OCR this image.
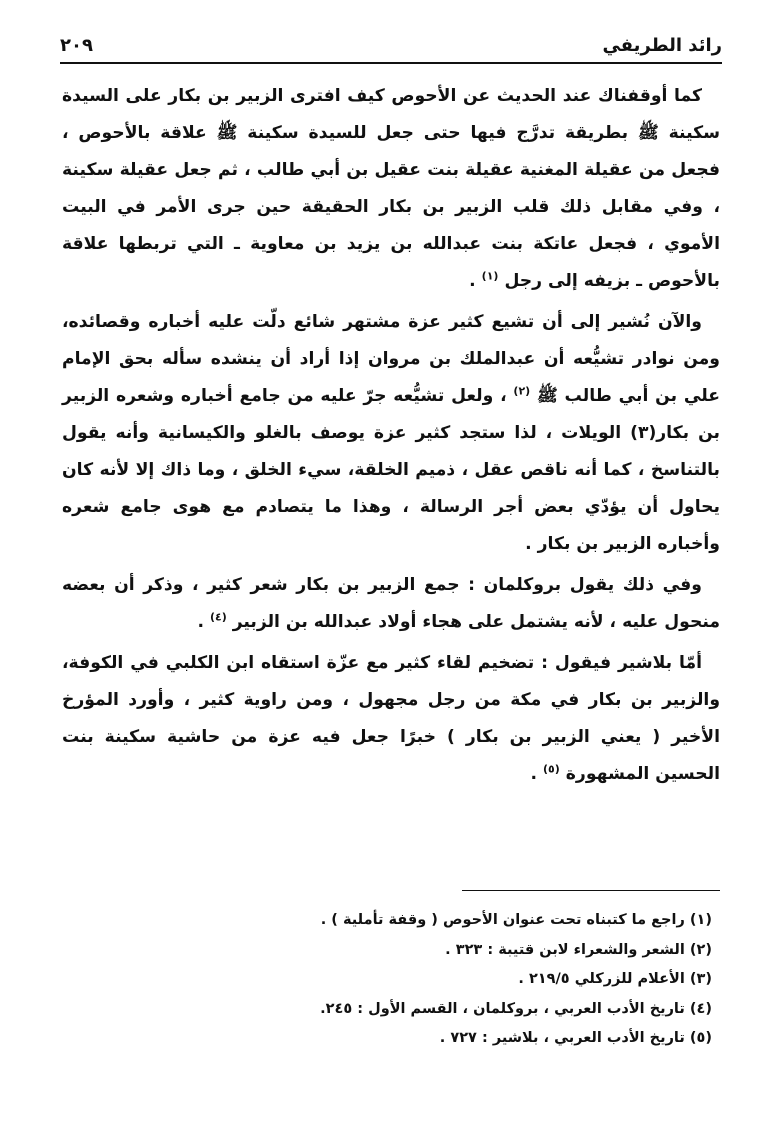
رائد الطريفي
٢٠٩

كما أوقفناك عند الحديث عن الأحوص كيف افترى الزبير بن بكار على السيدة سكينة ﷺ بطريقة تدرَّج فيها حتى جعل للسيدة سكينة ﷺ علاقة بالأحوص ، فجعل من عقيلة المغنية عقيلة بنت عقيل بن أبي طالب ، ثم جعل عقيلة سكينة ، وفي مقابل ذلك قلب الزبير بن بكار الحقيقة حين جرى الأمر في البيت الأموي ، فجعل عاتكة بنت عبدالله بن يزيد بن معاوية ـ التي تربطها علاقة بالأحوص ـ بزيفه إلى رجل $^{(١)}$ .

والآن نُشير إلى أن تشيع كثير عزة مشتهر شائع دلّت عليه أخباره وقصائده، ومن نوادر تشيُّعه أن عبدالملك بن مروان إذا أراد أن ينشده سأله بحق الإمام علي بن أبي طالب ﷺ $^{(٢)}$ ، ولعل تشيُّعه جرّ عليه من جامع أخباره وشعره الزبير بن بكار(٣) الويلات ، لذا ستجد كثير عزة يوصف بالغلو والكيسانية وأنه يقول بالتناسخ ، كما أنه ناقص عقل ، ذميم الخلقة، سيء الخلق ، وما ذاك إلا لأنه كان يحاول أن يؤدّي بعض أجر الرسالة ، وهذا ما يتصادم مع هوى جامع شعره وأخباره الزبير بن بكار .

وفي ذلك يقول بروكلمان : جمع الزبير بن بكار شعر كثير ، وذكر أن بعضه منحول عليه ، لأنه يشتمل على هجاء أولاد عبدالله بن الزبير $^{(٤)}$ .

أمّا بلاشير فيقول : تضخيم لقاء كثير مع عزّة استقاه ابن الكلبي في الكوفة، والزبير بن بكار في مكة من رجل مجهول ، ومن راوية كثير ، وأورد المؤرخ الأخير ( يعني الزبير بن بكار ) خبرًا جعل فيه عزة من حاشية سكينة بنت الحسين المشهورة $^{(٥)}$ .

(١) راجع ما كتبناه تحت عنوان الأحوص ( وقفة تأملية ) .
(٢) الشعر والشعراء لابن قتيبة : ٣٢٣ .
(٣) الأعلام للزركلي ٢١٩/٥ .
(٤) تاريخ الأدب العربي ، بروكلمان ، القسم الأول : ٢٤٥.
(٥) تاريخ الأدب العربي ، بلاشير : ٧٢٧ .
